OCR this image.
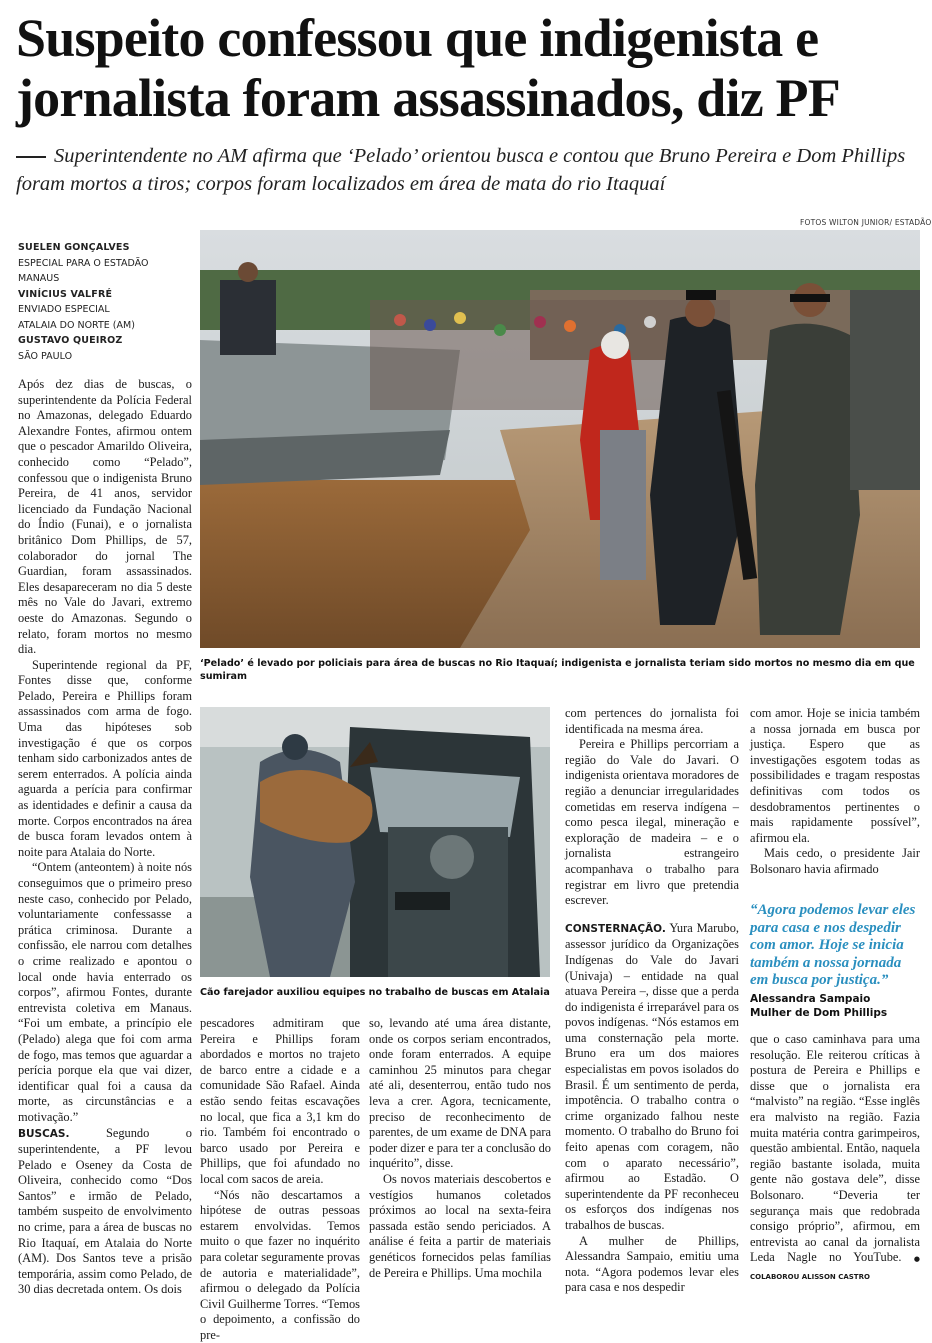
Suspeito confessou que indigenista e jornalista foram assassinados, diz PF

Superintendente no AM afirma que ‘Pelado’ orientou busca e contou que Bruno Pereira e Dom Phillips foram mortos a tiros; corpos foram localizados em área de mata do rio Itaquaí

FOTOS WILTON JUNIOR/ ESTADÃO
SUELEN GONÇALVES
ESPECIAL PARA O ESTADÃO
MANAUS
VINÍCIUS VALFRÉ
ENVIADO ESPECIAL
ATALAIA DO NORTE (AM)
GUSTAVO QUEIROZ
SÃO PAULO
‘Pelado’ é levado por policiais para área de buscas no Rio Itaquaí; indigenista e jornalista teriam sido mortos no mesmo dia em que sumiram
Cão farejador auxiliou equipes no trabalho de buscas em Atalaia

Após dez dias de buscas, o superintendente da Polícia Federal no Amazonas, delegado Eduardo Alexandre Fontes, afirmou ontem que o pescador Amarildo Oliveira, conhecido como “Pelado”, confessou que o indigenista Bruno Pereira, de 41 anos, servidor licenciado da Fundação Nacional do Índio (Funai), e o jornalista britânico Dom Phillips, de 57, colaborador do jornal The Guardian, foram assassinados. Eles desapareceram no dia 5 deste mês no Vale do Javari, extremo oeste do Amazonas. Segundo o relato, foram mortos no mesmo dia.

Superintende regional da PF, Fontes disse que, conforme Pelado, Pereira e Phillips foram assassinados com arma de fogo. Uma das hipóteses sob investigação é que os corpos tenham sido carbonizados antes de serem enterrados. A polícia ainda aguarda a perícia para confirmar as identidades e definir a causa da morte. Corpos encontrados na área de busca foram levados ontem à noite para Atalaia do Norte.

“Ontem (anteontem) à noite nós conseguimos que o primeiro preso neste caso, conhecido por Pelado, voluntariamente confessasse a prática criminosa. Durante a confissão, ele narrou com detalhes o crime realizado e apontou o local onde havia enterrado os corpos”, afirmou Fontes, durante entrevista coletiva em Manaus. “Foi um embate, a princípio ele (Pelado) alega que foi com arma de fogo, mas temos que aguardar a perícia porque ela que vai dizer, identificar qual foi a causa da morte, as circunstâncias e a motivação.”

BUSCAS. Segundo o superintendente, a PF levou Pelado e Oseney da Costa de Oliveira, conhecido como “Dos Santos” e irmão de Pelado, também suspeito de envolvimento no crime, para a área de buscas no Rio Itaquaí, em Atalaia do Norte (AM). Dos Santos teve a prisão temporária, assim como Pelado, de 30 dias decretada ontem. Os dois

pescadores admitiram que Pereira e Phillips foram abordados e mortos no trajeto de barco entre a cidade e a comunidade São Rafael. Ainda estão sendo feitas escavações no local, que fica a 3,1 km do rio. Também foi encontrado o barco usado por Pereira e Phillips, que foi afundado no local com sacos de areia.

“Nós não descartamos a hipótese de outras pessoas estarem envolvidas. Temos muito o que fazer no inquérito para coletar seguramente provas de autoria e materialidade”, afirmou o delegado da Polícia Civil Guilherme Torres. “Temos o depoimento, a confissão do pre-

so, levando até uma área distante, onde os corpos seriam encontrados, onde foram enterrados. A equipe caminhou 25 minutos para chegar até ali, desenterrou, então tudo nos leva a crer. Agora, tecnicamente, preciso de reconhecimento de parentes, de um exame de DNA para poder dizer e para ter a conclusão do inquérito”, disse.

Os novos materiais descobertos e vestígios humanos coletados próximos ao local na sexta-feira passada estão sendo periciados. A análise é feita a partir de materiais genéticos fornecidos pelas famílias de Pereira e Phillips. Uma mochila

com pertences do jornalista foi identificada na mesma área.

Pereira e Phillips percorriam a região do Vale do Javari. O indigenista orientava moradores de região a denunciar irregularidades cometidas em reserva indígena – como pesca ilegal, mineração e exploração de madeira – e o jornalista estrangeiro acompanhava o trabalho para registrar em livro que pretendia escrever.

CONSTERNAÇÃO. Yura Marubo, assessor jurídico da Organizações Indígenas do Vale do Javari (Univaja) – entidade na qual atuava Pereira –, disse que a perda do indigenista é irreparável para os povos indígenas. “Nós estamos em uma consternação pela morte. Bruno era um dos maiores especialistas em povos isolados do Brasil. É um sentimento de perda, impotência. O trabalho contra o crime organizado falhou neste momento. O trabalho do Bruno foi feito apenas com coragem, não com o aparato necessário”, afirmou ao Estadão. O superintendente da PF reconheceu os esforços dos indígenas nos trabalhos de buscas.

A mulher de Phillips, Alessandra Sampaio, emitiu uma nota. “Agora podemos levar eles para casa e nos despedir

com amor. Hoje se inicia também a nossa jornada em busca por justiça. Espero que as investigações esgotem todas as possibilidades e tragam respostas definitivas com todos os desdobramentos pertinentes o mais rapidamente possível”, afirmou ela.

Mais cedo, o presidente Jair Bolsonaro havia afirmado

“Agora podemos levar eles para casa e nos despedir com amor. Hoje se inicia também a nossa jornada em busca por justiça.”

Alessandra Sampaio

Mulher de Dom Phillips

que o caso caminhava para uma resolução. Ele reiterou críticas à postura de Pereira e Phillips e disse que o jornalista era “malvisto” na região. “Esse inglês era malvisto na região. Fazia muita matéria contra garimpeiros, questão ambiental. Então, naquela região bastante isolada, muita gente não gostava dele”, disse Bolsonaro. “Deveria ter segurança mais que redobrada consigo próprio”, afirmou, em entrevista ao canal da jornalista Leda Nagle no YouTube. ● COLABOROU ALISSON CASTRO
